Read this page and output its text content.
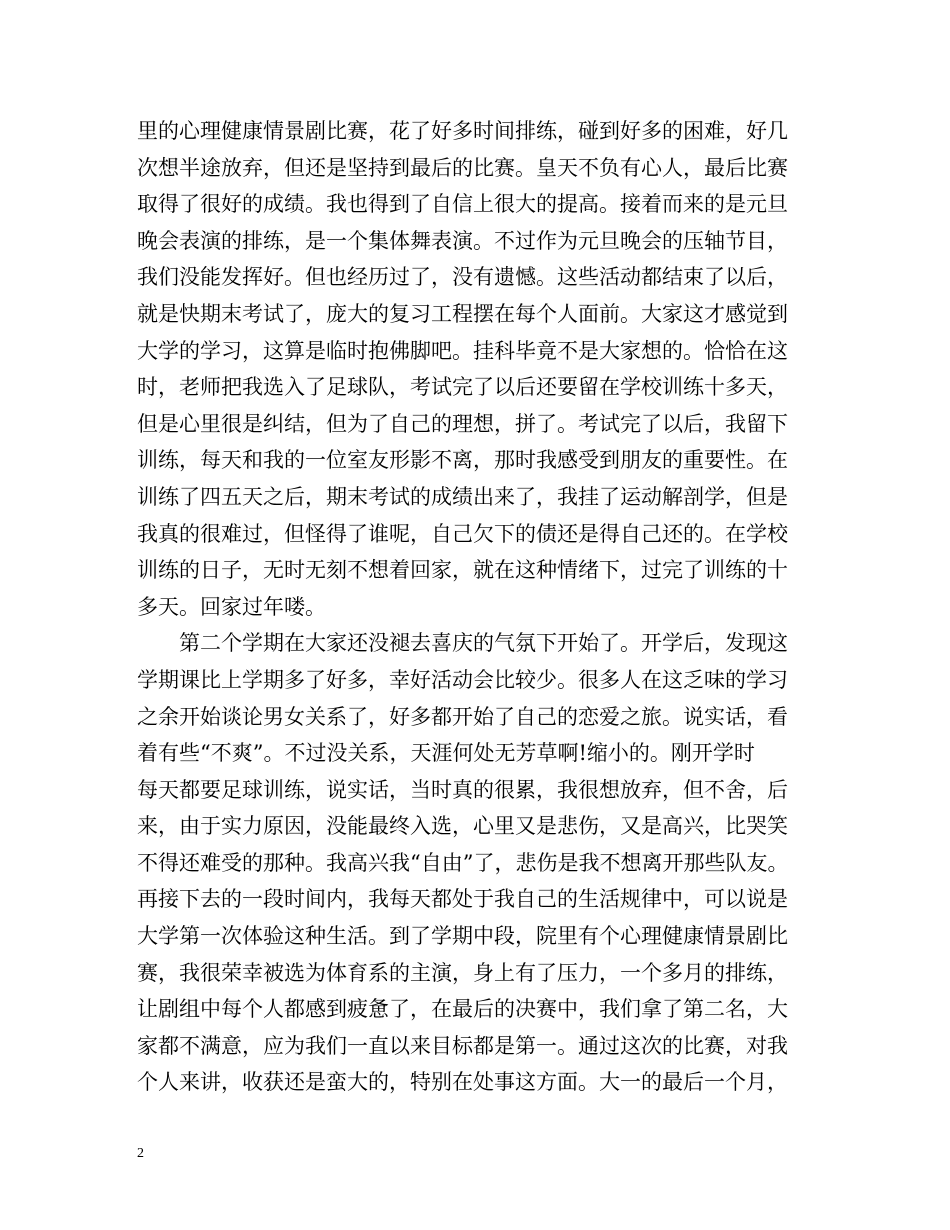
里的心理健康情景剧比赛，花了好多时间排练，碰到好多的困难，好几
次想半途放弃，但还是坚持到最后的比赛。皇天不负有心人，最后比赛
取得了很好的成绩。我也得到了自信上很大的提高。接着而来的是元旦
晚会表演的排练，是一个集体舞表演。不过作为元旦晚会的压轴节目，
我们没能发挥好。但也经历过了，没有遗憾。这些活动都结束了以后，
就是快期末考试了，庞大的复习工程摆在每个人面前。大家这才感觉到
大学的学习，这算是临时抱佛脚吧。挂科毕竟不是大家想的。恰恰在这
时，老师把我选入了足球队，考试完了以后还要留在学校训练十多天，
但是心里很是纠结，但为了自己的理想，拼了。考试完了以后，我留下
训练，每天和我的一位室友形影不离，那时我感受到朋友的重要性。在
训练了四五天之后，期末考试的成绩出来了，我挂了运动解剖学，但是
我真的很难过，但怪得了谁呢，自己欠下的债还是得自己还的。在学校
训练的日子，无时无刻不想着回家，就在这种情绪下，过完了训练的十
多天。回家过年喽。
　　第二个学期在大家还没褪去喜庆的气氛下开始了。开学后，发现这
学期课比上学期多了好多，幸好活动会比较少。很多人在这乏味的学习
之余开始谈论男女关系了，好多都开始了自己的恋爱之旅。说实话，看
着有些“不爽”。不过没关系，天涯何处无芳草啊!缩小的。刚开学时
每天都要足球训练，说实话，当时真的很累，我很想放弃，但不舍，后
来，由于实力原因，没能最终入选，心里又是悲伤，又是高兴，比哭笑
不得还难受的那种。我高兴我“自由”了，悲伤是我不想离开那些队友。
再接下去的一段时间内，我每天都处于我自己的生活规律中，可以说是
大学第一次体验这种生活。到了学期中段，院里有个心理健康情景剧比
赛，我很荣幸被选为体育系的主演，身上有了压力，一个多月的排练，
让剧组中每个人都感到疲惫了，在最后的决赛中，我们拿了第二名，大
家都不满意，应为我们一直以来目标都是第一。通过这次的比赛，对我
个人来讲，收获还是蛮大的，特别在处事这方面。大一的最后一个月，
2
